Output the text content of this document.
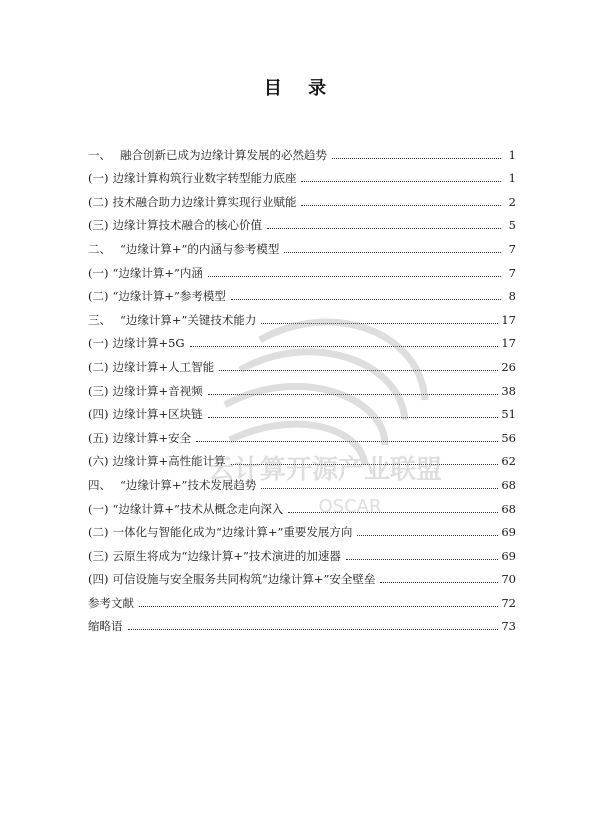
目 录
一、 融合创新已成为边缘计算发展的必然趋势	1
(一) 边缘计算构筑行业数字转型能力底座	1
(二) 技术融合助力边缘计算实现行业赋能	2
(三) 边缘计算技术融合的核心价值	5
二、 “边缘计算+”的内涵与参考模型	7
(一) “边缘计算+”内涵	7
(二) “边缘计算+”参考模型	8
三、 “边缘计算+”关键技术能力	17
(一) 边缘计算+5G	17
(二) 边缘计算+人工智能	26
(三) 边缘计算+音视频	38
(四) 边缘计算+区块链	51
(五) 边缘计算+安全	56
(六) 边缘计算+高性能计算	62
四、 “边缘计算+”技术发展趋势	68
(一) “边缘计算+”技术从概念走向深入	68
(二) 一体化与智能化成为“边缘计算+”重要发展方向	69
(三) 云原生将成为“边缘计算+”技术演进的加速器	69
(四) 可信设施与安全服务共同构筑“边缘计算+”安全壁垒	70
参考文献	72
缩略语	73
云计算开源产业联盟
OSCAR
